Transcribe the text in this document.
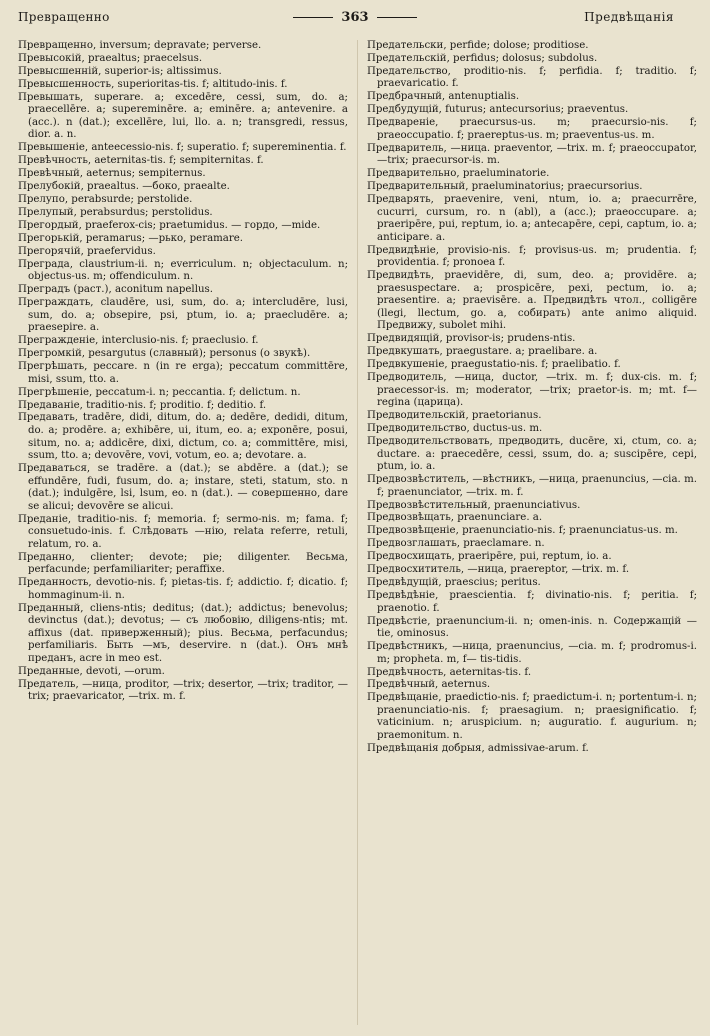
Превращенно	363	Предвѣщанія
Превращенно, inversum; depravate; perverse.
Превысокій, praealtus; praecelsus.
Превысшенній, superior-is; altissimus.
Превысшенность, superioritas-tis. f; altitudo-inis. f.
Превышать, superare. a; excedēre, cessi, sum, do. a; praecellēre. a; supereminēre. a; eminēre. a; antevenire. a (acc.). n (dat.); excellēre, lui, llo. a. n; transgredi, ressus, dior. a. n.
Превышеніе, anteecessio-nis. f; superatio. f; supereminentia. f.
Превѣчность, aeternitas-tis. f; sempiternitas. f.
Превѣчный, aeternus; sempiternus.
Прелубокій, praealtus. —боко, praealte.
Прелупо, perabsurde; perstolide.
Прелупый, perabsurdus; perstolidus.
Прегордый, praeferox-cis; praetumidus. — гордо, —mide.
Прегорькій, peramarus; —рько, peramare.
Прегорячій, praefervidus.
Преграда, claustrium-ii. n; everriculum. n; objectaculum. n; objectus-us. m; offendiculum. n.
Преградъ (раст.), aconitum napellus.
Преграждать, claudēre, usi, sum, do. a; intercludēre, lusi, sum, do. a; obsepire, psi, ptum, io. a; praecludēre. a; praesepire. a.
Прегражденіе, interclusio-nis. f; praeclusio. f.
Прегромкій, pesargutus (славный); personus (о звукѣ).
Прегрѣшать, peccare. n (in re erga); peccatum committēre, misi, ssum, tto. a.
Прегрѣшеніе, peccatum-i. n; peccantia. f; delictum. n.
Предаваніе, traditio-nis. f; proditio. f; deditio. f.
Предавать, tradēre, didi, ditum, do. a; dedēre, dedidi, ditum, do. a; prodēre. a; exhibēre, ui, itum, eo. a; exponēre, posui, situm, no. a; addicēre, dixi, dictum, co. a; committēre, misi, ssum, tto. a; devovēre, vovi, votum, eo. a; devotare. a.
Предаваться, se tradēre. a (dat.); se abdēre. a (dat.); se effundēre, fudi, fusum, do. a; instare, steti, statum, sto. n (dat.); indulgēre, lsi, lsum, eo. n (dat.). — совершенно, dare se alicui; devovēre se alicui.
Преданіе, traditio-nis. f; memoria. f; sermo-nis. m; fama. f; consuetudo-inis. f. Слѣдовать —нію, relata referre, retuli, relatum, ro. a.
Преданно, clienter; devote; pie; diligenter. Весьма, perfacunde; perfamiliariter; peraffixe.
Преданность, devotio-nis. f; pietas-tis. f; addictio. f; dicatio. f; hommaginum-ii. n.
Преданный, cliens-ntis; deditus; (dat.); addictus; benevolus; devinctus (dat.); devotus; — съ любовію, diligens-ntis; mt. affixus (dat. приверженный); pius. Весьма, perfacundus; perfamiliaris. Быть —мъ, deservire. n (dat.). Онъ мнѣ преданъ, acre in meo est.
Преданные, devoti, —orum.
Предатель, —ница, proditor, —trix; desertor, —trix; traditor, —trix; praevaricator, —trix. m. f.
Предательски, perfide; dolose; proditiose.
Предательскій, perfidus; dolosus; subdolus.
Предательство, proditio-nis. f; perfidia. f; traditio. f; praevaricatio. f.
Предбрачный, antenuptialis.
Предбудущій, futurus; antecursorius; praeventus.
Предвареніе, praecursus-us. m; praecursio-nis. f; praeoccupatio. f; praereptus-us. m; praeventus-us. m.
Предваритель, —ница. praeventor, —trix. m. f; praeoccupator, —trix; praecursor-is. m.
Предварительно, praeluminatorie.
Предварительный, praeluminatorius; praecursorius.
Предварять, praevenire, veni, ntum, io. a; praecurrēre, cucurri, cursum, ro. n (abl), a (acc.); praeoccupare. a; praeripēre, pui, reptum, io. a; antecapēre, cepi, captum, io. a; anticipare. a.
Предвидѣніе, provisio-nis. f; provisus-us. m; prudentia. f; providentia. f; pronoea f.
Предвидѣть, praevidēre, di, sum, deo. a; providēre. a; praesuspectare. a; prospicēre, pexi, pectum, io. a; praesentire. a; praevisēre. a. Предвидѣть чтол., colligēre (llegi, llectum, go. a, собирать) ante animo aliquid. Предвижу, subolet mihi.
Предвидящій, provisor-is; prudens-ntis.
Предвкушать, praegustare. a; praelibare. a.
Предвкушеніе, praegustatio-nis. f; praelibatio. f.
Предводитель, —ница, ductor, —trix. m. f; dux-cis. m. f; praecessor-is. m; moderator, —trix; praetor-is. m; mt. f— regina (царица).
Предводительскій, praetorianus.
Предводительство, ductus-us. m.
Предводительствовать, предводить, ducēre, xi, ctum, co. a; ductare. a: praecedēre, cessi, ssum, do. a; suscipēre, cepi, ptum, io. a.
Предвозвѣститель, —вѣстникъ, —ница, praenuncius, —cia. m. f; praenunciator, —trix. m. f.
Предвозвѣстительный, praenunciativus.
Предвозвѣщать, praenunciare. a.
Предвозвѣщеніе, praenunciatio-nis. f; praenunciatus-us. m.
Предвозглашать, praeclamare. n.
Предвосхищать, praeripēre, pui, reptum, io. a.
Предвосхититель, —ница, praereptor, —trix. m. f.
Предвѣдущій, praescius; peritus.
Предвѣдѣніе, praescientia. f; divinatio-nis. f; peritia. f; praenotio. f.
Предвѣстіе, praenuncium-ii. n; omen-inis. n. Содержащій —tie, ominosus.
Предвѣстникъ, —ница, praenuncius, —cia. m. f; prodromus-i. m; propheta. m, f— tis-tidis.
Предвѣчность, aeternitas-tis. f.
Предвѣчный, aeternus.
Предвѣщаніе, praedictio-nis. f; praedictum-i. n; portentum-i. n; praenunciatio-nis. f; praesagium. n; praesignificatio. f; vaticinium. n; aruspicium. n; auguratio. f. augurium. n; praemonitum. n.
Предвѣщанія добрыя, admissivae-arum. f.
